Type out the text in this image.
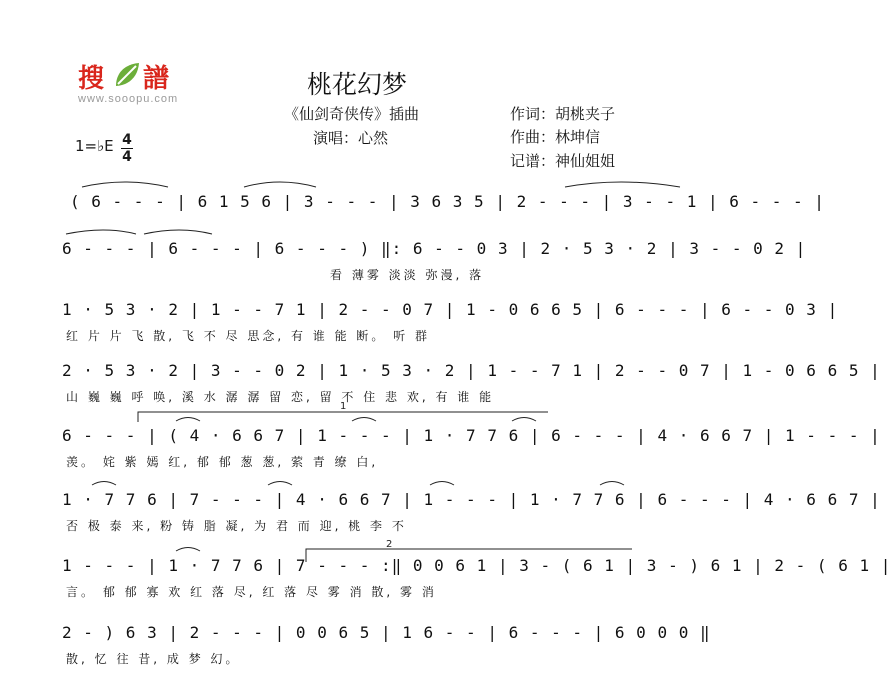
搜 譜
www.sooopu.com	桃花幻梦
《仙剑奇侠传》插曲
演唱：心然
作词：胡桃夹子
作曲：林坤信
记谱：神仙姐姐
1=♭E 4
4
( 6 - - - | 6 1 5 6 | 3 - - - | 3 6 3 5 | 2 - - - | 3 - - 1 | 6 - - - |
6 - - - | 6 - - - | 6 - - - ) ‖: 6 - - 0 3 | 2 · 5 3 · 2 | 3 - - 0 2 |
看 薄雾 淡淡 弥漫, 落
1 · 5 3 · 2 | 1 - - 7 1 | 2 - - 0 7 | 1 - 0 6 6 5 | 6 - - - | 6 - - 0 3 |
红 片 片 飞 散, 飞 不 尽 思念, 有 谁 能 断。 听 群
2 · 5 3 · 2 | 3 - - 0 2 | 1 · 5 3 · 2 | 1 - - 7 1 | 2 - - 0 7 | 1 - 0 6 6 5 |
山 巍 巍 呼 唤, 溪 水 潺 潺 留 恋, 留 不 住 悲 欢, 有 谁 能
6 - - - | ( 4 · 6 6 7 | 1 - - - | 1 · 7 7 6 | 6 - - - | 4 · 6 6 7 | 1 - - - |
羡。 姹 紫 嫣 红, 郁 郁 葱 葱, 萦 青 缭 白,
1 · 7 7 6 | 7 - - - | 4 · 6 6 7 | 1 - - - | 1 · 7 7 6 | 6 - - - | 4 · 6 6 7 |
否 极 泰 来, 粉 铸 脂 凝, 为 君 而 迎, 桃 李 不
1 - - - | 1 · 7 7 6 | 7 - - - :‖ 0 0 6 1 | 3 - ( 6 1 | 3 - ) 6 1 | 2 - ( 6 1 |
言。 郁 郁 寡 欢 红 落 尽, 红 落 尽 雾 消 散, 雾 消
2 - ) 6 3 | 2 - - - | 0 0 6 5 | 1 6 - - | 6 - - - | 6 0 0 0 ‖
散, 忆 往 昔, 成 梦 幻。
1
2
